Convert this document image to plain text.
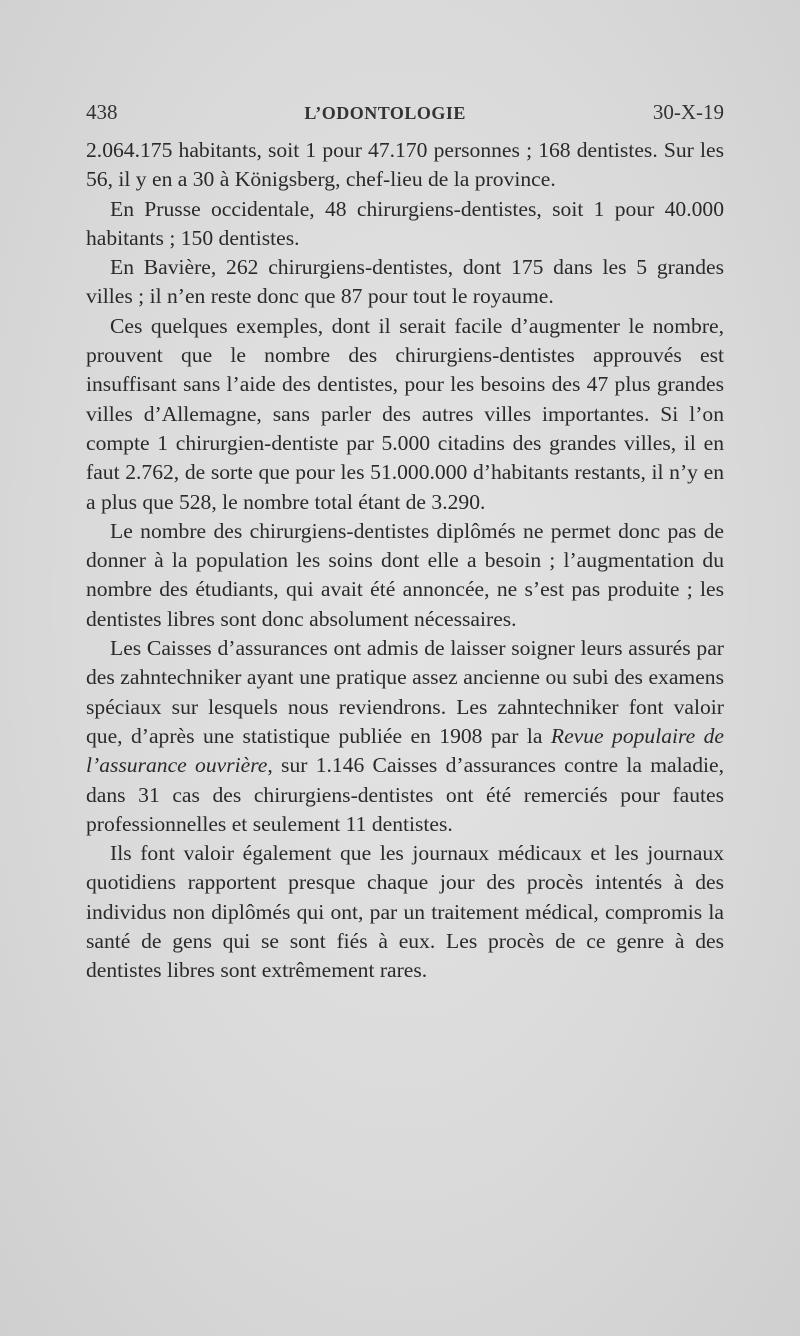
438	L’ODONTOLOGIE	30-X-19

2.064.175 habitants, soit 1 pour 47.170 personnes ; 168 dentistes. Sur les 56, il y en a 30 à Königsberg, chef-lieu de la province.

En Prusse occidentale, 48 chirurgiens-dentistes, soit 1 pour 40.000 habitants ; 150 dentistes.

En Bavière, 262 chirurgiens-dentistes, dont 175 dans les 5 grandes villes ; il n’en reste donc que 87 pour tout le royaume.

Ces quelques exemples, dont il serait facile d’augmenter le nombre, prouvent que le nombre des chirurgiens-dentistes approuvés est insuffisant sans l’aide des dentistes, pour les besoins des 47 plus grandes villes d’Allemagne, sans parler des autres villes importantes. Si l’on compte 1 chirurgien-dentiste par 5.000 citadins des grandes villes, il en faut 2.762, de sorte que pour les 51.000.000 d’habitants restants, il n’y en a plus que 528, le nombre total étant de 3.290.

Le nombre des chirurgiens-dentistes diplômés ne permet donc pas de donner à la population les soins dont elle a besoin ; l’augmentation du nombre des étudiants, qui avait été annoncée, ne s’est pas produite ; les dentistes libres sont donc absolument nécessaires.

Les Caisses d’assurances ont admis de laisser soigner leurs assurés par des zahntechniker ayant une pratique assez ancienne ou subi des examens spéciaux sur lesquels nous reviendrons. Les zahntechniker font valoir que, d’après une statistique publiée en 1908 par la Revue populaire de l’assurance ouvrière, sur 1.146 Caisses d’assurances contre la maladie, dans 31 cas des chirurgiens-dentistes ont été remerciés pour fautes professionnelles et seulement 11 dentistes.

Ils font valoir également que les journaux médicaux et les journaux quotidiens rapportent presque chaque jour des procès intentés à des individus non diplômés qui ont, par un traitement médical, compromis la santé de gens qui se sont fiés à eux. Les procès de ce genre à des dentistes libres sont extrêmement rares.
